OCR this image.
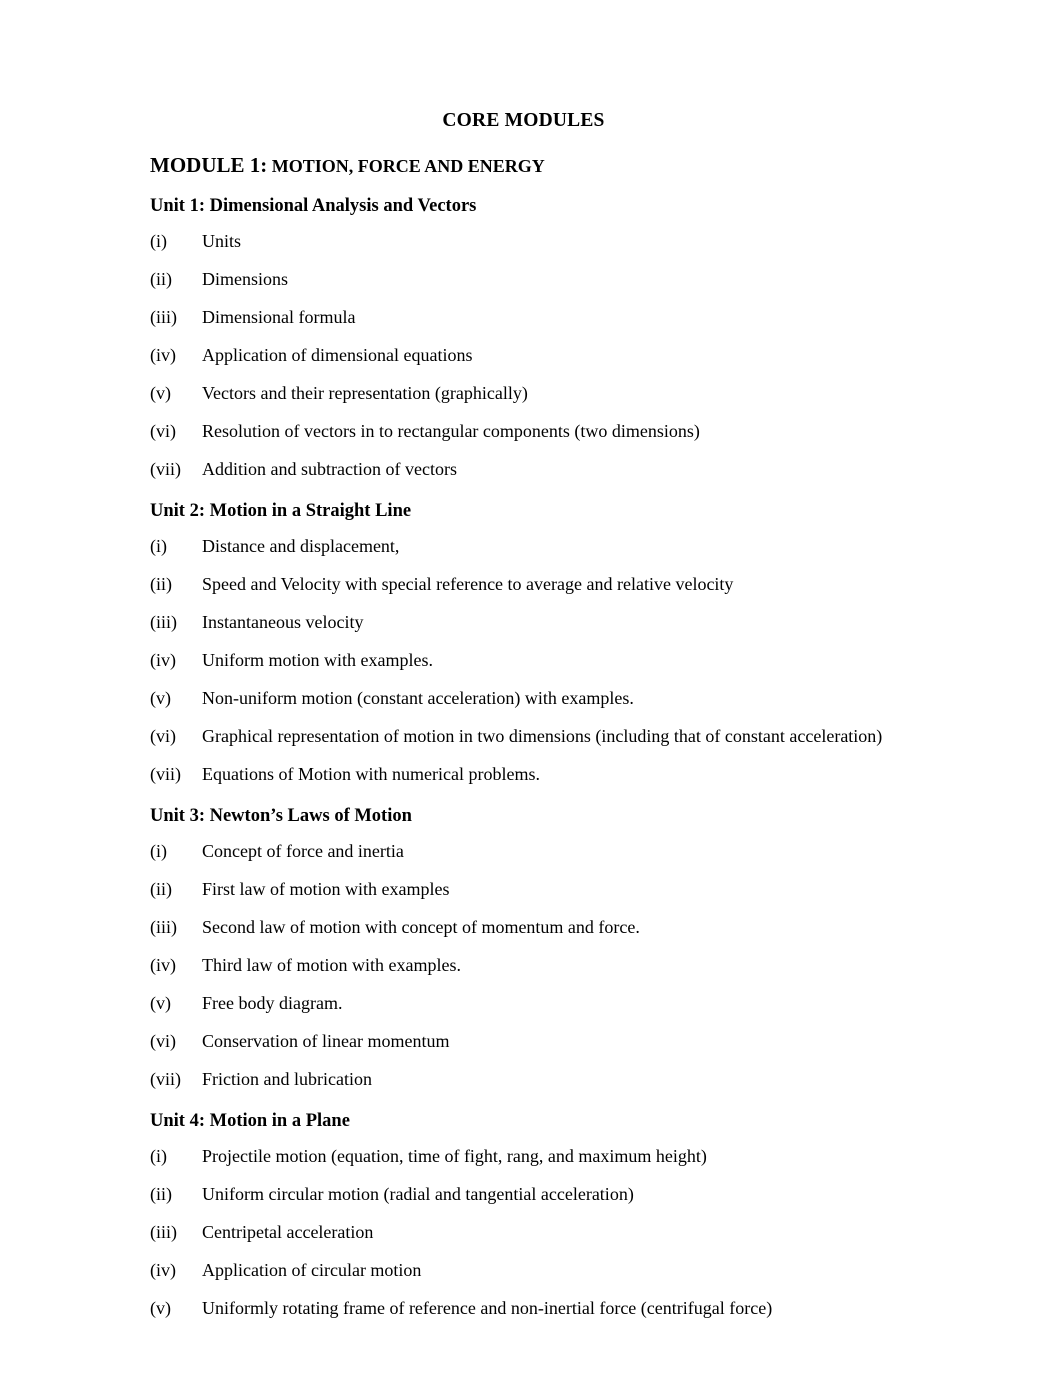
CORE MODULES
MODULE 1: MOTION, FORCE AND ENERGY
Unit 1: Dimensional Analysis and Vectors
(i)	Units
(ii)	Dimensions
(iii)	Dimensional formula
(iv)	Application of dimensional equations
(v)	Vectors and their representation (graphically)
(vi)	Resolution of vectors in to rectangular components (two dimensions)
(vii)	Addition and subtraction of vectors
Unit 2: Motion in a Straight Line
(i)	Distance and displacement,
(ii)	Speed and Velocity with special reference to average and relative velocity
(iii)	Instantaneous velocity
(iv)	Uniform motion with examples.
(v)	Non-uniform motion (constant acceleration) with examples.
(vi)	Graphical representation of motion in two dimensions (including that of constant acceleration)
(vii)	Equations of Motion with numerical problems.
Unit 3: Newton’s Laws of Motion
(i)	Concept of force and inertia
(ii)	First law of motion with examples
(iii)	Second law of motion with concept of momentum and force.
(iv)	Third law of motion with examples.
(v)	Free body diagram.
(vi)	Conservation of linear momentum
(vii)	Friction and lubrication
Unit 4: Motion in a Plane
(i)	Projectile motion (equation, time of fight, rang, and maximum height)
(ii)	Uniform circular motion (radial and tangential acceleration)
(iii)	Centripetal acceleration
(iv)	Application of circular motion
(v)	Uniformly rotating frame of reference and non-inertial force (centrifugal force)
